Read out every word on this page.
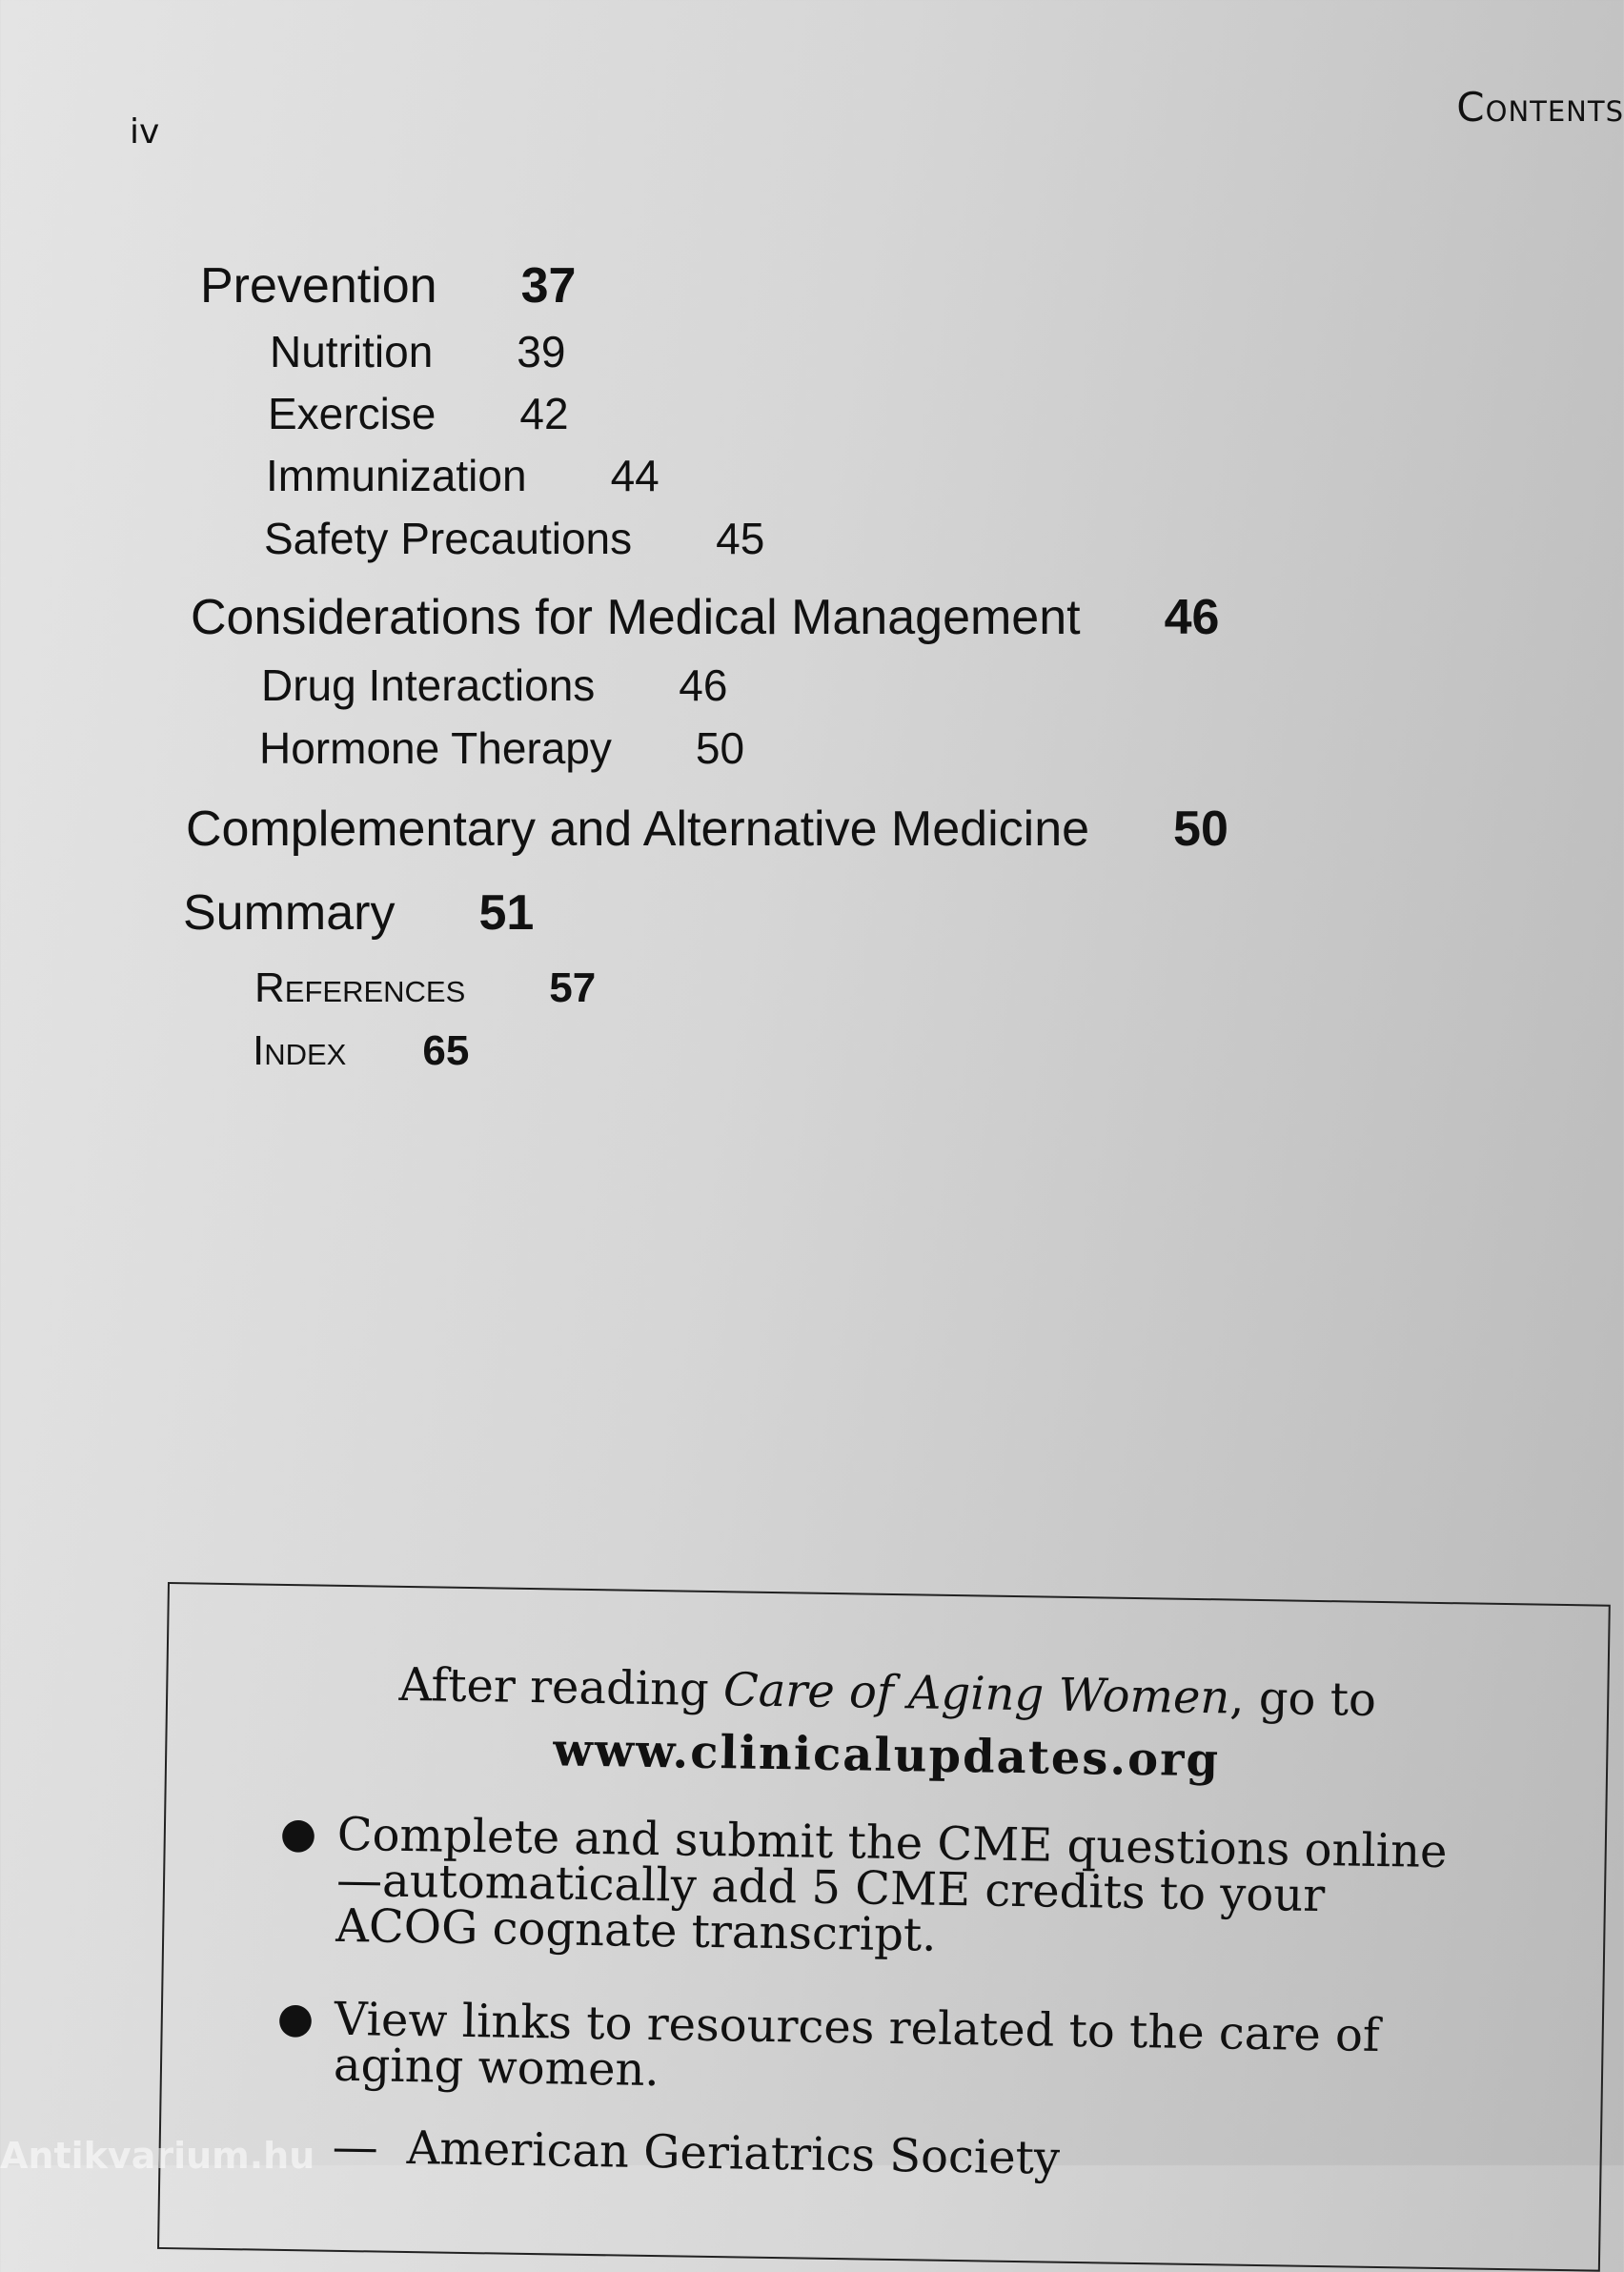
iv
Contents
Prevention 37
Nutrition 39
Exercise 42
Immunization 44
Safety Precautions 45
Considerations for Medical Management 46
Drug Interactions 46
Hormone Therapy 50
Complementary and Alternative Medicine 50
Summary 51
References 57
Index 65
After reading Care of Aging Women, go to
www.clinicalupdates.org
● Complete and submit the CME questions online—automatically add 5 CME credits to your ACOG cognate transcript.
● View links to resources related to the care of aging women.
— American Geriatrics Society
Antikvarium.hu
